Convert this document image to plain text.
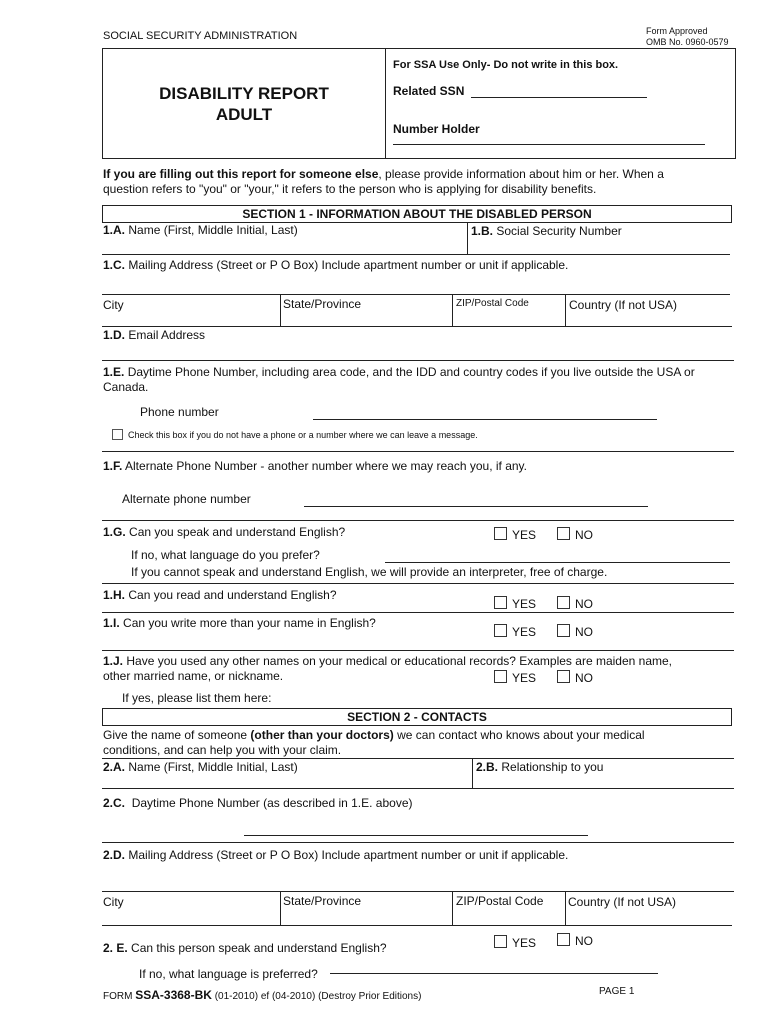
SOCIAL SECURITY ADMINISTRATION	Form Approved
OMB No. 0960-0579
DISABILITY REPORT
ADULT
For SSA Use Only- Do not write in this box.
Related SSN
Number Holder
If you are filling out this report for someone else, please provide information about him or her. When a
question refers to "you" or "your," it refers to the person who is applying for disability benefits.
SECTION 1 - INFORMATION ABOUT THE DISABLED PERSON
1.A. Name (First, Middle Initial, Last)	1.B. Social Security Number
1.C. Mailing Address (Street or P O Box) Include apartment number or unit if applicable.
City	State/Province	ZIP/Postal Code	Country (If not USA)
1.D. Email Address
1.E. Daytime Phone Number, including area code, and the IDD and country codes if you live outside the USA or
Canada.
Phone number
Check this box if you do not have a phone or a number where we can leave a message.
1.F. Alternate Phone Number - another number where we may reach you, if any.
Alternate phone number
1.G. Can you speak and understand English?	YES	NO
If no, what language do you prefer?
If you cannot speak and understand English, we will provide an interpreter, free of charge.
1.H. Can you read and understand English?
YES	NO
1.I. Can you write more than your name in English?
YES	NO
1.J. Have you used any other names on your medical or educational records? Examples are maiden name,
other married name, or nickname.	YES	NO
If yes, please list them here:
SECTION 2 - CONTACTS
Give the name of someone (other than your doctors) we can contact who knows about your medical
conditions, and can help you with your claim.
2.A. Name (First, Middle Initial, Last)	2.B. Relationship to you
2.C. Daytime Phone Number (as described in 1.E. above)
2.D. Mailing Address (Street or P O Box) Include apartment number or unit if applicable.
City	State/Province	ZIP/Postal Code Country (If not USA)
2. E. Can this person speak and understand English?	YES	NO
If no, what language is preferred?
FORM SSA-3368-BK (01-2010) ef (04-2010) (Destroy Prior Editions)	PAGE 1
